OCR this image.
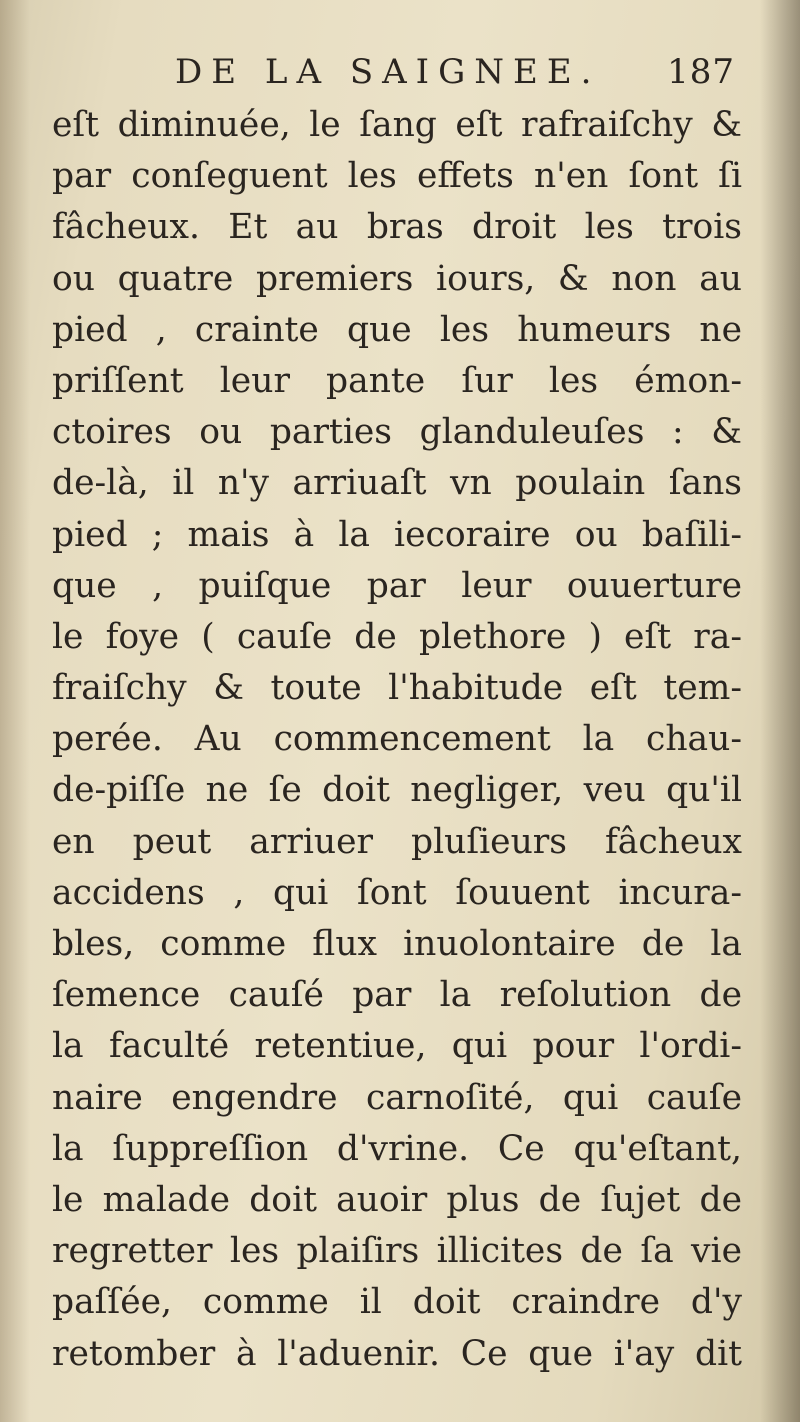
DE LA SAIGNEE. 187
eſt diminuée, le ſang eſt rafraiſchy &
par conſeguent les effets n'en ſont ſi
fâcheux. Et au bras droit les trois
ou quatre premiers iours, & non au
pied , crainte que les humeurs ne
priſſent leur pante ſur les émon-
ctoires ou parties glanduleuſes : &
de-là, il n'y arriuaſt vn poulain ſans
pied ; mais à la iecoraire ou baſili-
que , puiſque par leur ouuerture
le foye ( cauſe de plethore ) eſt ra-
fraiſchy & toute l'habitude eſt tem-
perée. Au commencement la chau-
de-piſſe ne ſe doit negliger, veu qu'il
en peut arriuer pluſieurs fâcheux
accidens , qui ſont ſouuent incura-
bles, comme flux inuolontaire de la
ſemence cauſé par la reſolution de
la faculté retentiue, qui pour l'ordi-
naire engendre carnoſité, qui cauſe
la ſuppreſſion d'vrine. Ce qu'eſtant,
le malade doit auoir plus de ſujet de
regretter les plaiſirs illicites de ſa vie
paſſée, comme il doit craindre d'y
retomber à l'aduenir. Ce que i'ay dit
